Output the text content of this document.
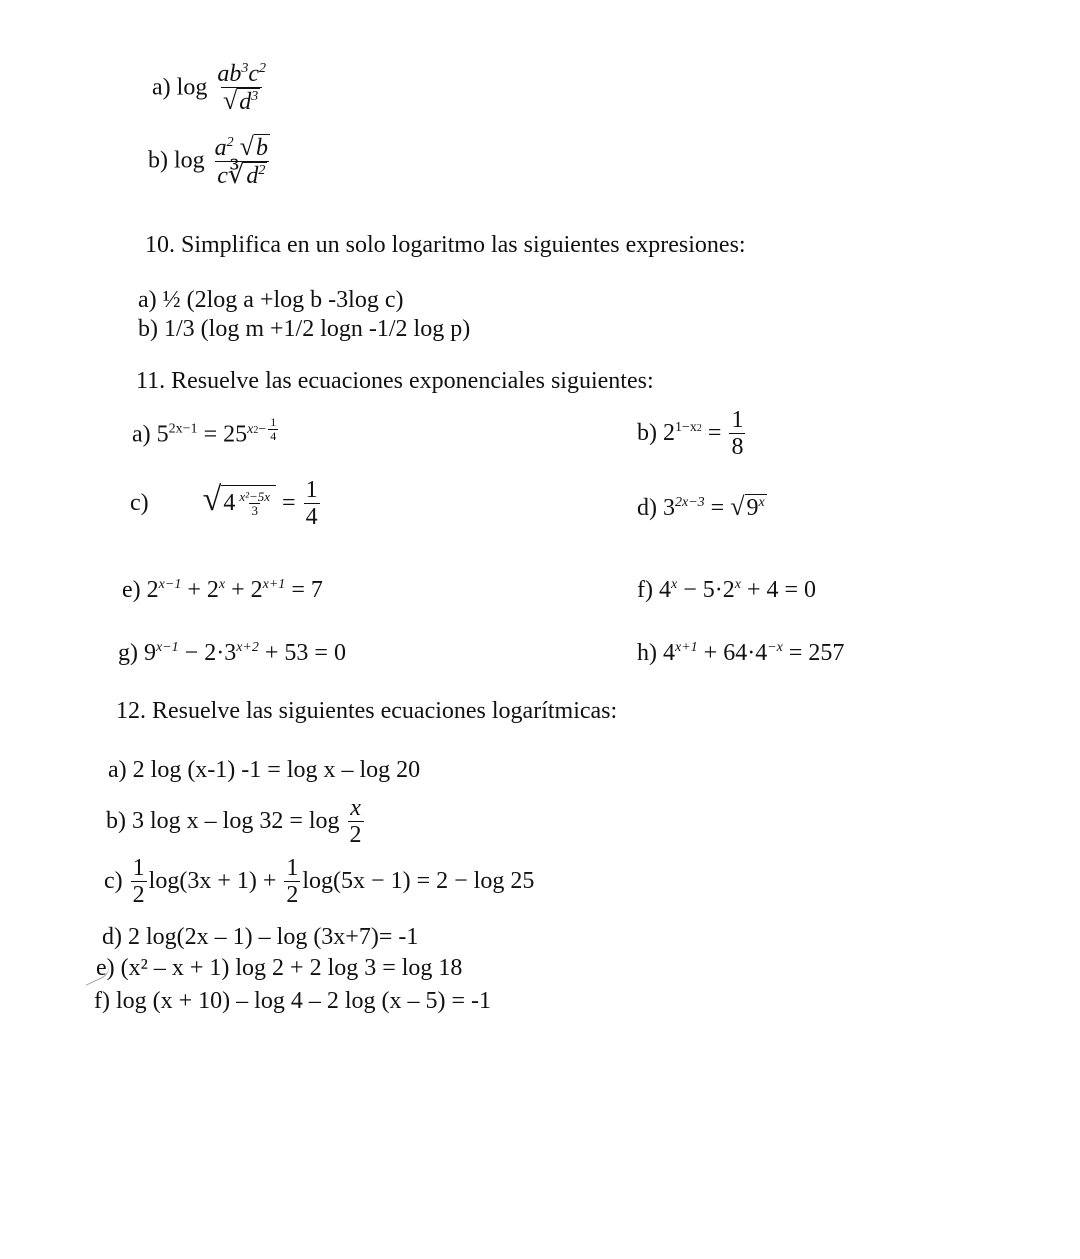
a) $\log \frac{ab^3c^2}{√d^3}$
b) $\log \frac{a^2 √b}{c∛d^2}$
10. Simplifica en un solo logaritmo las siguientes expresiones:
a) ½ (2log a +log b -3log c)
b) 1/3 (log m +1/2 logn -1/2 log p)
11. Resuelve las ecuaciones exponenciales siguientes:
a) $5^{2x-1} = 25^{x2- \frac{1}{4}}$	b) $2^{1-x2} = \frac{1}{8}$
c) $√4 \frac{\text{x²−5x}}{3} = \frac{1}{4}$	d) $3^{2x-3} = √9^x$
e) $2^{x-1} + 2^x + 2^{x+1} = 7$	f) $4^x - 5\cdot 2^x + 4 = 0$
g) $9^{x-1} - 2\cdot 3^{x+2} + 53 = 0$	h) $4^{x+1} + 64\cdot 4^{-x} = 257$
12. Resuelve las siguientes ecuaciones logarítmicas:
a) 2 log (x-1) -1 = log x – log 20
b) 3 $\log x - \log 32 = \log \frac{x}{2}$
$c) \frac{1}{2} \log(3x + 1) + \frac{1}{2} \log(5x - 1) = 2 - \log 25$
d) 2 log(2x – 1) – log (3x+7)= -1
e) (x² – x + 1) log 2 + 2 log 3 = log 18
f) log (x + 10) – log 4 – 2 log (x – 5) = -1
